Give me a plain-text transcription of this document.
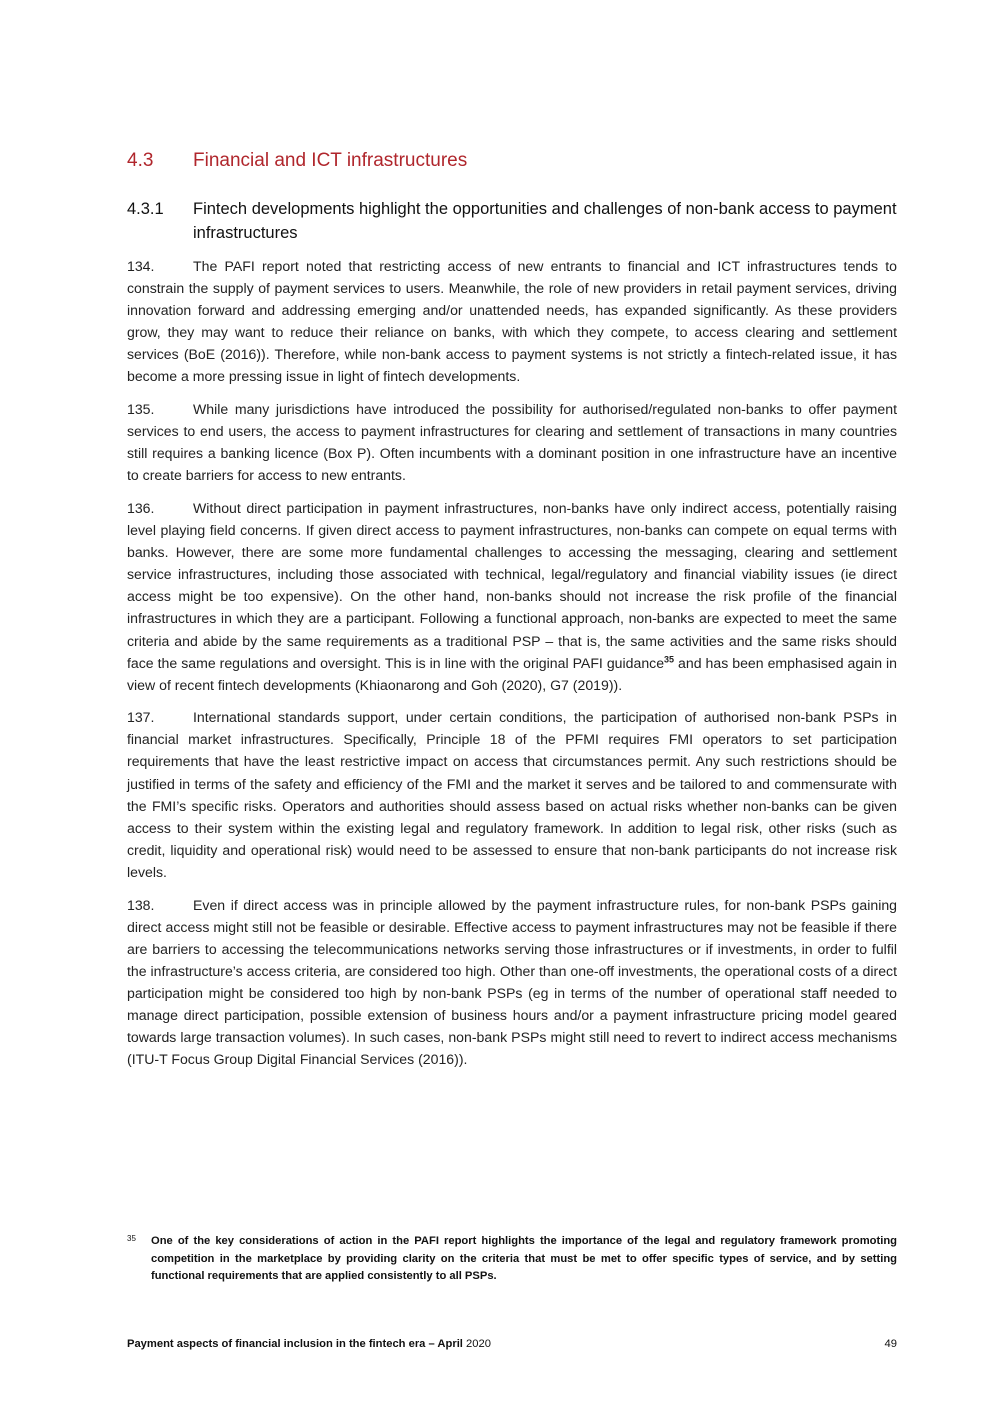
4.3 Financial and ICT infrastructures
4.3.1 Fintech developments highlight the opportunities and challenges of non-bank access to payment infrastructures

134.	The PAFI report noted that restricting access of new entrants to financial and ICT infrastructures tends to constrain the supply of payment services to users. Meanwhile, the role of new providers in retail payment services, driving innovation forward and addressing emerging and/or unattended needs, has expanded significantly. As these providers grow, they may want to reduce their reliance on banks, with which they compete, to access clearing and settlement services (BoE (2016)). Therefore, while non-bank access to payment systems is not strictly a fintech-related issue, it has become a more pressing issue in light of fintech developments.

135.	While many jurisdictions have introduced the possibility for authorised/regulated non-banks to offer payment services to end users, the access to payment infrastructures for clearing and settlement of transactions in many countries still requires a banking licence (Box P). Often incumbents with a dominant position in one infrastructure have an incentive to create barriers for access to new entrants.

136.	Without direct participation in payment infrastructures, non-banks have only indirect access, potentially raising level playing field concerns. If given direct access to payment infrastructures, non-banks can compete on equal terms with banks. However, there are some more fundamental challenges to accessing the messaging, clearing and settlement service infrastructures, including those associated with technical, legal/regulatory and financial viability issues (ie direct access might be too expensive). On the other hand, non-banks should not increase the risk profile of the financial infrastructures in which they are a participant. Following a functional approach, non-banks are expected to meet the same criteria and abide by the same requirements as a traditional PSP – that is, the same activities and the same risks should face the same regulations and oversight. This is in line with the original PAFI guidance$^{35}$ and has been emphasised again in view of recent fintech developments (Khiaonarong and Goh (2020), G7 (2019)).

137.	International standards support, under certain conditions, the participation of authorised non-bank PSPs in financial market infrastructures. Specifically, Principle 18 of the PFMI requires FMI operators to set participation requirements that have the least restrictive impact on access that circumstances permit. Any such restrictions should be justified in terms of the safety and efficiency of the FMI and the market it serves and be tailored to and commensurate with the FMI’s specific risks. Operators and authorities should assess based on actual risks whether non-banks can be given access to their system within the existing legal and regulatory framework. In addition to legal risk, other risks (such as credit, liquidity and operational risk) would need to be assessed to ensure that non-bank participants do not increase risk levels.

138.	Even if direct access was in principle allowed by the payment infrastructure rules, for non-bank PSPs gaining direct access might still not be feasible or desirable. Effective access to payment infrastructures may not be feasible if there are barriers to accessing the telecommunications networks serving those infrastructures or if investments, in order to fulfil the infrastructure’s access criteria, are considered too high. Other than one-off investments, the operational costs of a direct participation might be considered too high by non-bank PSPs (eg in terms of the number of operational staff needed to manage direct participation, possible extension of business hours and/or a payment infrastructure pricing model geared towards large transaction volumes). In such cases, non-bank PSPs might still need to revert to indirect access mechanisms (ITU-T Focus Group Digital Financial Services (2016)).

35 One of the key considerations of action in the PAFI report highlights the importance of the legal and regulatory framework promoting competition in the marketplace by providing clarity on the criteria that must be met to offer specific types of service, and by setting functional requirements that are applied consistently to all PSPs.
Payment aspects of financial inclusion in the fintech era – April 2020	49
